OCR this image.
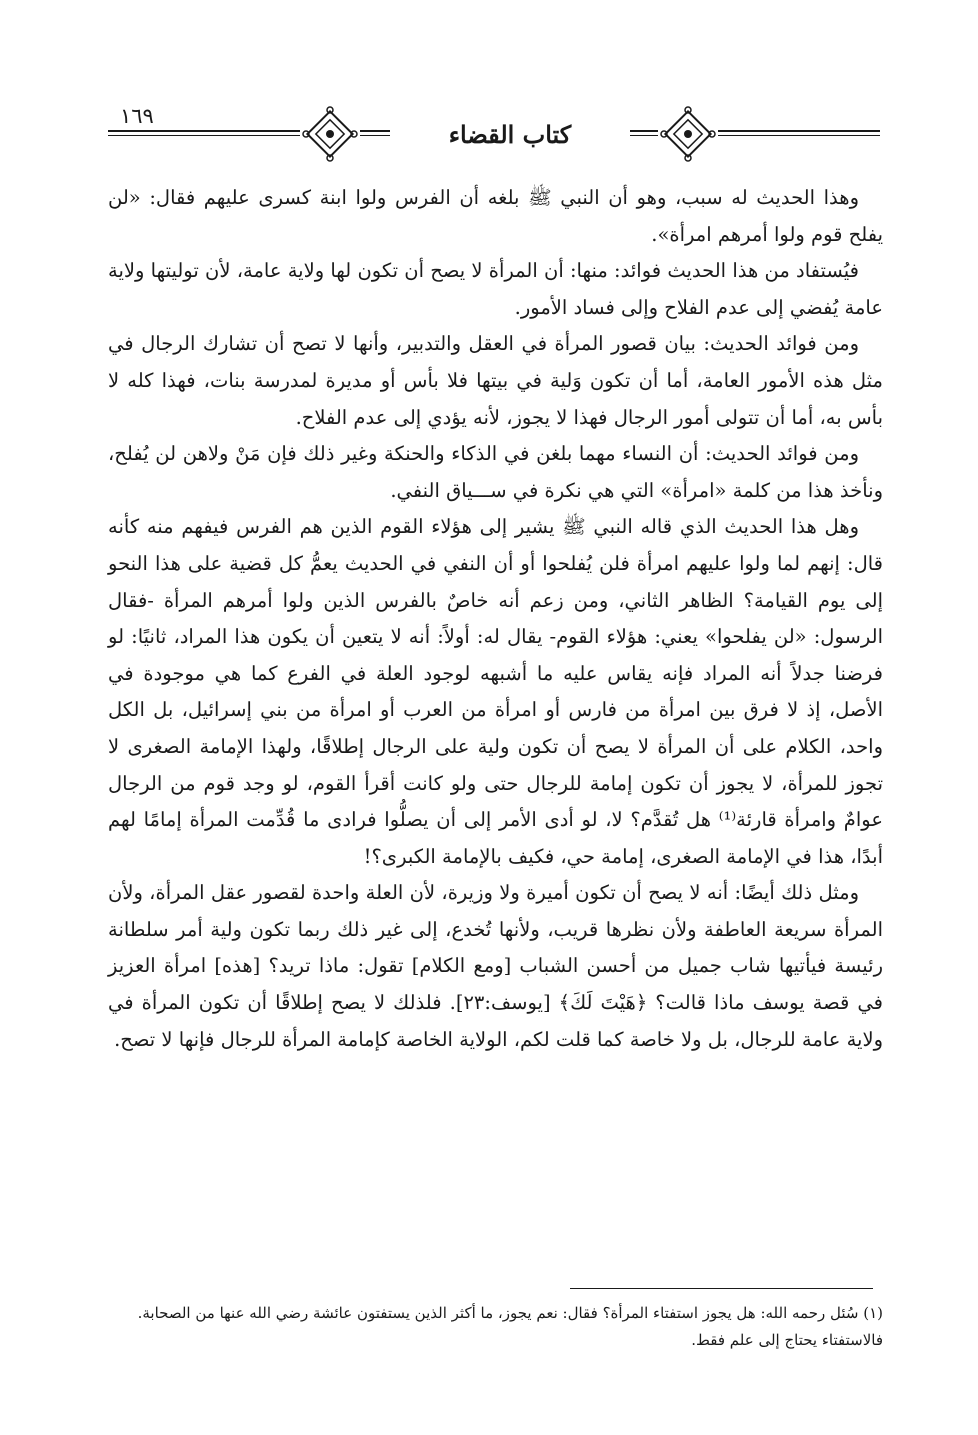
١٦٩
كتاب القضاء

وهذا الحديث له سبب، وهو أن النبي ﷺ بلغه أن الفرس ولوا ابنة كسرى عليهم فقال: «لن يفلح قوم ولوا أمرهم امرأة».

فيُستفاد من هذا الحديث فوائد: منها: أن المرأة لا يصح أن تكون لها ولاية عامة، لأن توليتها ولاية عامة يُفضي إلى عدم الفلاح وإلى فساد الأمور.

ومن فوائد الحديث: بيان قصور المرأة في العقل والتدبير، وأنها لا تصح أن تشارك الرجال في مثل هذه الأمور العامة، أما أن تكون وَلية في بيتها فلا بأس أو مديرة لمدرسة بنات، فهذا كله لا بأس به، أما أن تتولى أمور الرجال فهذا لا يجوز، لأنه يؤدي إلى عدم الفلاح.

ومن فوائد الحديث: أن النساء مهما بلغن في الذكاء والحنكة وغير ذلك فإن مَنْ ولاهن لن يُفلح، ونأخذ هذا من كلمة «امرأة» التي هي نكرة في ســـياق النفي.

وهل هذا الحديث الذي قاله النبي ﷺ يشير إلى هؤلاء القوم الذين هم الفرس فيفهم منه كأنه قال: إنهم لما ولوا عليهم امرأة فلن يُفلحوا أو أن النفي في الحديث يعمُّ كل قضية على هذا النحو إلى يوم القيامة؟ الظاهر الثاني، ومن زعم أنه خاصٌ بالفرس الذين ولوا أمرهم المرأة -فقال الرسول: «لن يفلحوا» يعني: هؤلاء القوم- يقال له: أولاً: أنه لا يتعين أن يكون هذا المراد، ثانيًا: لو فرضنا جدلاً أنه المراد فإنه يقاس عليه ما أشبهه لوجود العلة في الفرع كما هي موجودة في الأصل، إذ لا فرق بين امرأة من فارس أو امرأة من العرب أو امرأة من بني إسرائيل، بل الكل واحد، الكلام على أن المرأة لا يصح أن تكون ولية على الرجال إطلاقًا، ولهذا الإمامة الصغرى لا تجوز للمرأة، لا يجوز أن تكون إمامة للرجال حتى ولو كانت أقرأ القوم، لو وجد قوم من الرجال عوامٌ وامرأة قارئة⁽¹⁾ هل تُقدَّم؟ لا، لو أدى الأمر إلى أن يصلُّوا فرادى ما قُدِّمت المرأة إمامًا لهم أبدًا، هذا في الإمامة الصغرى، إمامة حي، فكيف بالإمامة الكبرى؟!

ومثل ذلك أيضًا: أنه لا يصح أن تكون أميرة ولا وزيرة، لأن العلة واحدة لقصور عقل المرأة، ولأن المرأة سريعة العاطفة ولأن نظرها قريب، ولأنها تُخدع، إلى غير ذلك ربما تكون ولية أمر سلطانة رئيسة فيأتيها شاب جميل من أحسن الشباب [ومع الكلام] تقول: ماذا تريد؟ [هذه] امرأة العزيز في قصة يوسف ماذا قالت؟ ﴿هَيْتَ لَكَ﴾ [يوسف:٢٣]. فلذلك لا يصح إطلاقًا أن تكون المرأة في ولاية عامة للرجال، بل ولا خاصة كما قلت لكم، الولاية الخاصة كإمامة المرأة للرجال فإنها لا تصح.

(١) سُئل رحمه الله: هل يجوز استفتاء المرأة؟ فقال: نعم يجوز، ما أكثر الذين يستفتون عائشة رضي الله عنها من الصحابة.

فالاستفتاء يحتاج إلى علم فقط.
